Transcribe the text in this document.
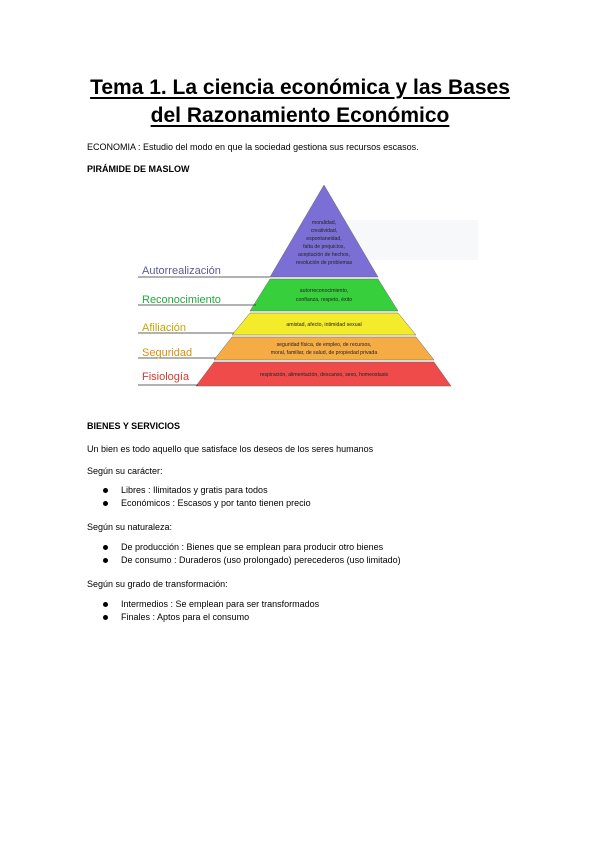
Tema 1. La ciencia económica y las Bases
del Razonamiento Económico
ECONOMIA : Estudio del modo en que la sociedad gestiona sus recursos escasos.
PIRÁMIDE DE MASLOW
Autorrealización
Reconocimiento
Afiliación
Seguridad
Fisiología
moralidad,
creatividad,
espontaneidad,
falta de prejuicios,
aceptación de hechos,
resolución de problemas
autorreconocimiento,
confianza, respeto, éxito
amistad, afecto, intimidad sexual
seguridad física, de empleo, de recursos,
moral, familiar, de salud, de propiedad privada
respiración, alimentación, descanso, sexo, homeostasis
BIENES Y SERVICIOS
Un bien es todo aquello que satisface los deseos de los seres humanos
Según su carácter:
Libres : Ilimitados y gratis para todos
Económicos : Escasos y por tanto tienen precio
Según su naturaleza:
De producción : Bienes que se emplean para producir otro bienes
De consumo : Duraderos (uso prolongado) perecederos (uso limitado)
Según su grado de transformación:
Intermedios : Se emplean para ser transformados
Finales : Aptos para el consumo
